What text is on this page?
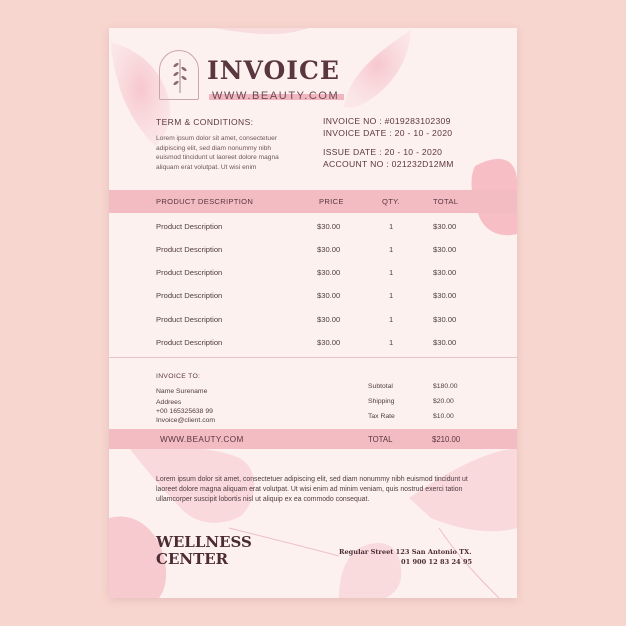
INVOICE
WWW.BEAUTY.COM
TERM & CONDITIONS:
Lorem ipsum dolor sit amet, consectetuer
adipiscing elit, sed diam nonummy nibh
euismod tincidunt ut laoreet dolore magna
aliquam erat volutpat. Ut wisi enim
INVOICE NO : #019283102309
INVOICE DATE : 20 - 10 - 2020
ISSUE DATE : 20 - 10 - 2020
ACCOUNT NO : 021232D12MM
PRODUCT DESCRIPTION	PRICE	QTY.	TOTAL
Product Description	$30.00	1	$30.00
Product Description	$30.00	1	$30.00
Product Description	$30.00	1	$30.00
Product Description	$30.00	1	$30.00
Product Description	$30.00	1	$30.00
Product Description	$30.00	1	$30.00
INVOICE TO:
Name Surename
Addrees
+00 165325638 99
Invoice@client.com
Subtotal	$180.00
Shipping	$20.00
Tax Rate	$10.00
WWW.BEAUTY.COM	TOTAL	$210.00
Lorem ipsum dolor sit amet, consectetuer adipiscing elit, sed diam nonummy nibh euismod tincidunt ut laoreet dolore magna aliquam erat volutpat. Ut wisi enim ad minim veniam, quis nostrud exerci tation ullamcorper suscipit lobortis nisl ut aliquip ex ea commodo consequat.
WELLNESS
CENTER	Regular Street 123 San Antonio TX.
01 900 12 83 24 95
